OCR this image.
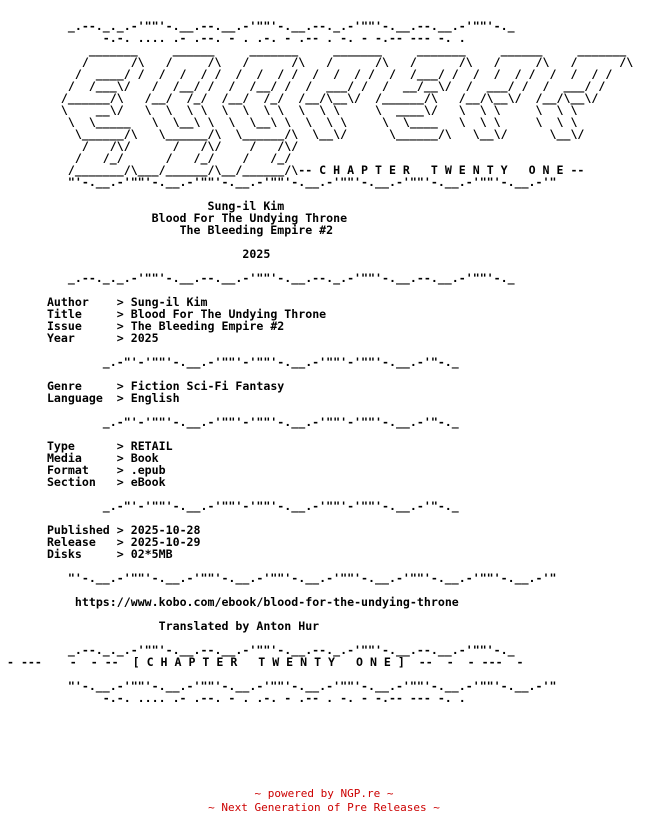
_.--._._.-'""'-.__.--.__.-'""'-.__.--._.-'""'-.__.--.__.-'""'-._
-.-. .... .- .--. - . .-. - .-- . -. - -.-- --- -. .
_______     ______     _______     _______     _______     ______     _______
/      /\   /     /\   /      /\   /      /\   /      /\   /     /\   /      /\
/  ____/ /  /  /  / /  /  /  / /  /  /  / /  /  /___/ /  /  /  / /  /  /  / /
/  /___\/   /  /__/ /  /  /__/ /  /  ___/ /  /  __/__\/  /  ___/ /  /  ___/ /
/______/\   /__/  /_/  /__/  /_/  /__/\__\/  /______/\   /__/\__\/  /__/\__\/
\    __\/   \  \  \ \  \  \  \ \  \  \ \     \  ____\/   \  \ \     \  \ \
\  \_____   \  \__\ \  \  \__\ \  \  \ \     \  \____   \  \ \     \  \ \
\______/\   \______/\  \______/\  \__\/      \______/\   \__\/      \__\/
/   /\/      /   /\/    /   /\/
/   /_/      /   /_/    /   /_/
/_______/\___/______/\__/______/\-- C H A P T E R   T W E N T Y   O N E --
"'-.__.-'""'-.__.-'""'-.__.-'""'-.__.-'""'-.__.-'""'-.__.-'""'-.__.-'"

Sung-il Kim
Blood For The Undying Throne
The Bleeding Empire #2

2025

_.--._._.-'""'-.__.--.__.-'""'-.__.--._.-'""'-.__.--.__.-'""'-._

Author > Sung-il Kim
Title	> Blood For The Undying Throne
Issue	> The Bleeding Empire #2
Year	> 2025

_.-"'-'""'-.__.-'""'-'""'-.__.-'""'-'""'-.__.-'"-._

Genre	> Fiction Sci-Fi Fantasy
Language > English

_.-"'-'""'-.__.-'""'-'""'-.__.-'""'-'""'-.__.-'"-._

Type	> RETAIL
Media	> Book
Format > .epub
Section > eBook

_.-"'-'""'-.__.-'""'-'""'-.__.-'""'-'""'-.__.-'"-._

Published > 2025-10-28
Release > 2025-10-29
Disks	> 02*5MB

"'-.__.-'""'-.__.-'""'-.__.-'""'-.__.-'""'-.__.-'""'-.__.-'""'-.__.-'"

https://www.kobo.com/ebook/blood-for-the-undying-throne

Translated by Anton Hur

_.--._._.-'""'-.__.--.__.-'""'-.__.--._.-'""'-.__.--.__.-'""'-._
- ---    -  - --  [ C H A P T E R   T W E N T Y   O N E ]  --  -  - ---  -

"'-.__.-'""'-.__.-'""'-.__.-'""'-.__.-'""'-.__.-'""'-.__.-'""'-.__.-'"
-.-. .... .- .--. - . .-. - .-- . -. - -.-- --- -. .
~ powered by NGP.re ~
~ Next Generation of Pre Releases ~
